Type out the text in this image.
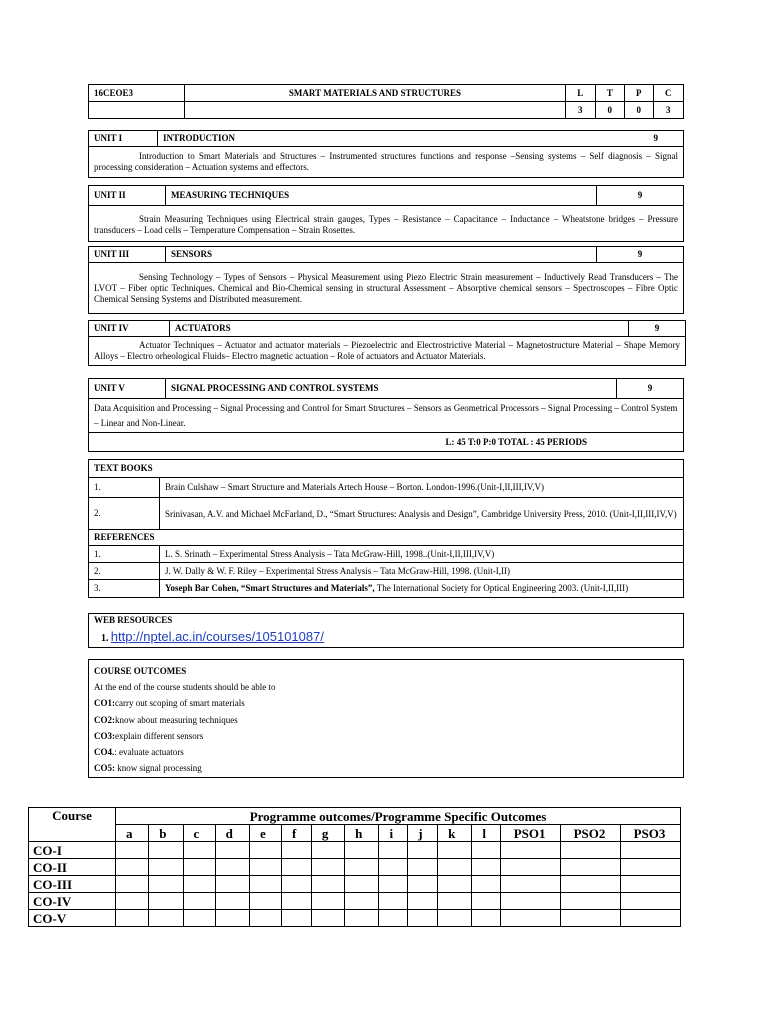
16CEOE3	SMART MATERIALS AND STRUCTURES	L	T	P	C
		3	0	0	3
UNIT I	INTRODUCTION	9
Introduction to Smart Materials and Structures – Instrumented structures functions and response –Sensing systems – Self diagnosis – Signal processing consideration – Actuation systems and effectors.
UNIT II	MEASURING TECHNIQUES	9
Strain Measuring Techniques using Electrical strain gauges, Types – Resistance – Capacitance – Inductance – Wheatstone bridges – Pressure transducers – Load cells – Temperature Compensation – Strain Rosettes.
UNIT III	SENSORS	9
Sensing Technology – Types of Sensors – Physical Measurement using Piezo Electric Strain measurement – Inductively Read Transducers – The LVOT – Fiber optic Techniques. Chemical and Bio-Chemical sensing in structural Assessment – Absorptive chemical sensors – Spectroscopes – Fibre Optic Chemical Sensing Systems and Distributed measurement.
UNIT IV	ACTUATORS	9
Actuator Techniques – Actuator and actuator materials – Piezoelectric and Electrostrictive Material – Magnetostructure Material – Shape Memory Alloys – Electro orheological Fluids– Electro magnetic actuation – Role of actuators and Actuator Materials.
UNIT V	SIGNAL PROCESSING AND CONTROL SYSTEMS	9
Data Acquisition and Processing – Signal Processing and Control for Smart Structures – Sensors as Geometrical Processors – Signal Processing – Control System – Linear and Non-Linear.
L: 45 T:0 P:0 TOTAL : 45 PERIODS
TEXT BOOKS	
1.	Brain Culshaw – Smart Structure and Materials Artech House – Borton. London-1996.(Unit-I,II,III,IV,V)
2.	Srinivasan, A.V. and Michael McFarland, D., “Smart Structures: Analysis and Design”, Cambridge University Press, 2010. (Unit-I,II,III,IV,V)
REFERENCES	
1.	L. S. Srinath – Experimental Stress Analysis – Tata McGraw-Hill, 1998..(Unit-I,II,III,IV,V)
2.	J. W. Dally & W. F. Riley – Experimental Stress Analysis – Tata McGraw-Hill, 1998. (Unit-I,II)
3.	Yoseph Bar Cohen, “Smart Structures and Materials”, The International Society for Optical Engineering 2003. (Unit-I,II,III)
WEB RESOURCES
1. http://nptel.ac.in/courses/105101087/
COURSE OUTCOMES
At the end of the course students should be able to
CO1:carry out scoping of smart materials
CO2:know about measuring techniques
CO3:explain different sensors
CO4.: evaluate actuators
CO5: know signal processing
Course	Programme outcomes/Programme Specific Outcomes														
	a	b	c	d	e	f	g	h	i	j	k	l	PSO1	PSO2	PSO3
CO-I															
CO-II															
CO-III															
CO-IV															
CO-V															
